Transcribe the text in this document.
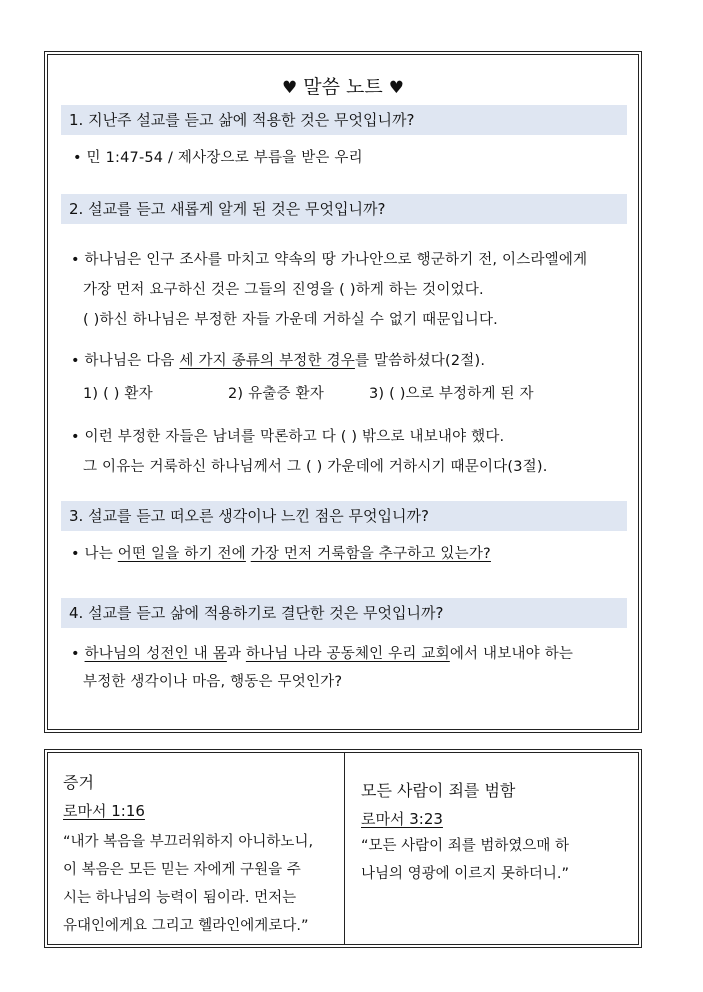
♥ 말씀 노트 ♥
1. 지난주 설교를 듣고 삶에 적용한 것은 무엇입니까?
• 민 1:47-54 / 제사장으로 부름을 받은 우리
2. 설교를 듣고 새롭게 알게 된 것은 무엇입니까?
• 하나님은 인구 조사를 마치고 약속의 땅 가나안으로 행군하기 전, 이스라엘에게
가장 먼저 요구하신 것은 그들의 진영을 ( )하게 하는 것이었다.
( )하신 하나님은 부정한 자들 가운데 거하실 수 없기 때문입니다.
• 하나님은 다음 세 가지 종류의 부정한 경우를 말씀하셨다(2절).
1) ( ) 환자	2) 유출증 환자	3) ( )으로 부정하게 된 자
• 이런 부정한 자들은 남녀를 막론하고 다 ( ) 밖으로 내보내야 했다.
그 이유는 거룩하신 하나님께서 그 ( ) 가운데에 거하시기 때문이다(3절).
3. 설교를 듣고 떠오른 생각이나 느낀 점은 무엇입니까?
• 나는 어떤 일을 하기 전에 가장 먼저 거룩함을 추구하고 있는가?
4. 설교를 듣고 삶에 적용하기로 결단한 것은 무엇입니까?
• 하나님의 성전인 내 몸과 하나님 나라 공동체인 우리 교회에서 내보내야 하는
부정한 생각이나 마음, 행동은 무엇인가?
증거
로마서 1:16
“내가 복음을 부끄러워하지 아니하노니,
이 복음은 모든 믿는 자에게 구원을 주
시는 하나님의 능력이 됨이라. 먼저는
유대인에게요 그리고 헬라인에게로다.”
모든 사람이 죄를 범함
로마서 3:23
“모든 사람이 죄를 범하였으매 하
나님의 영광에 이르지 못하더니.”
